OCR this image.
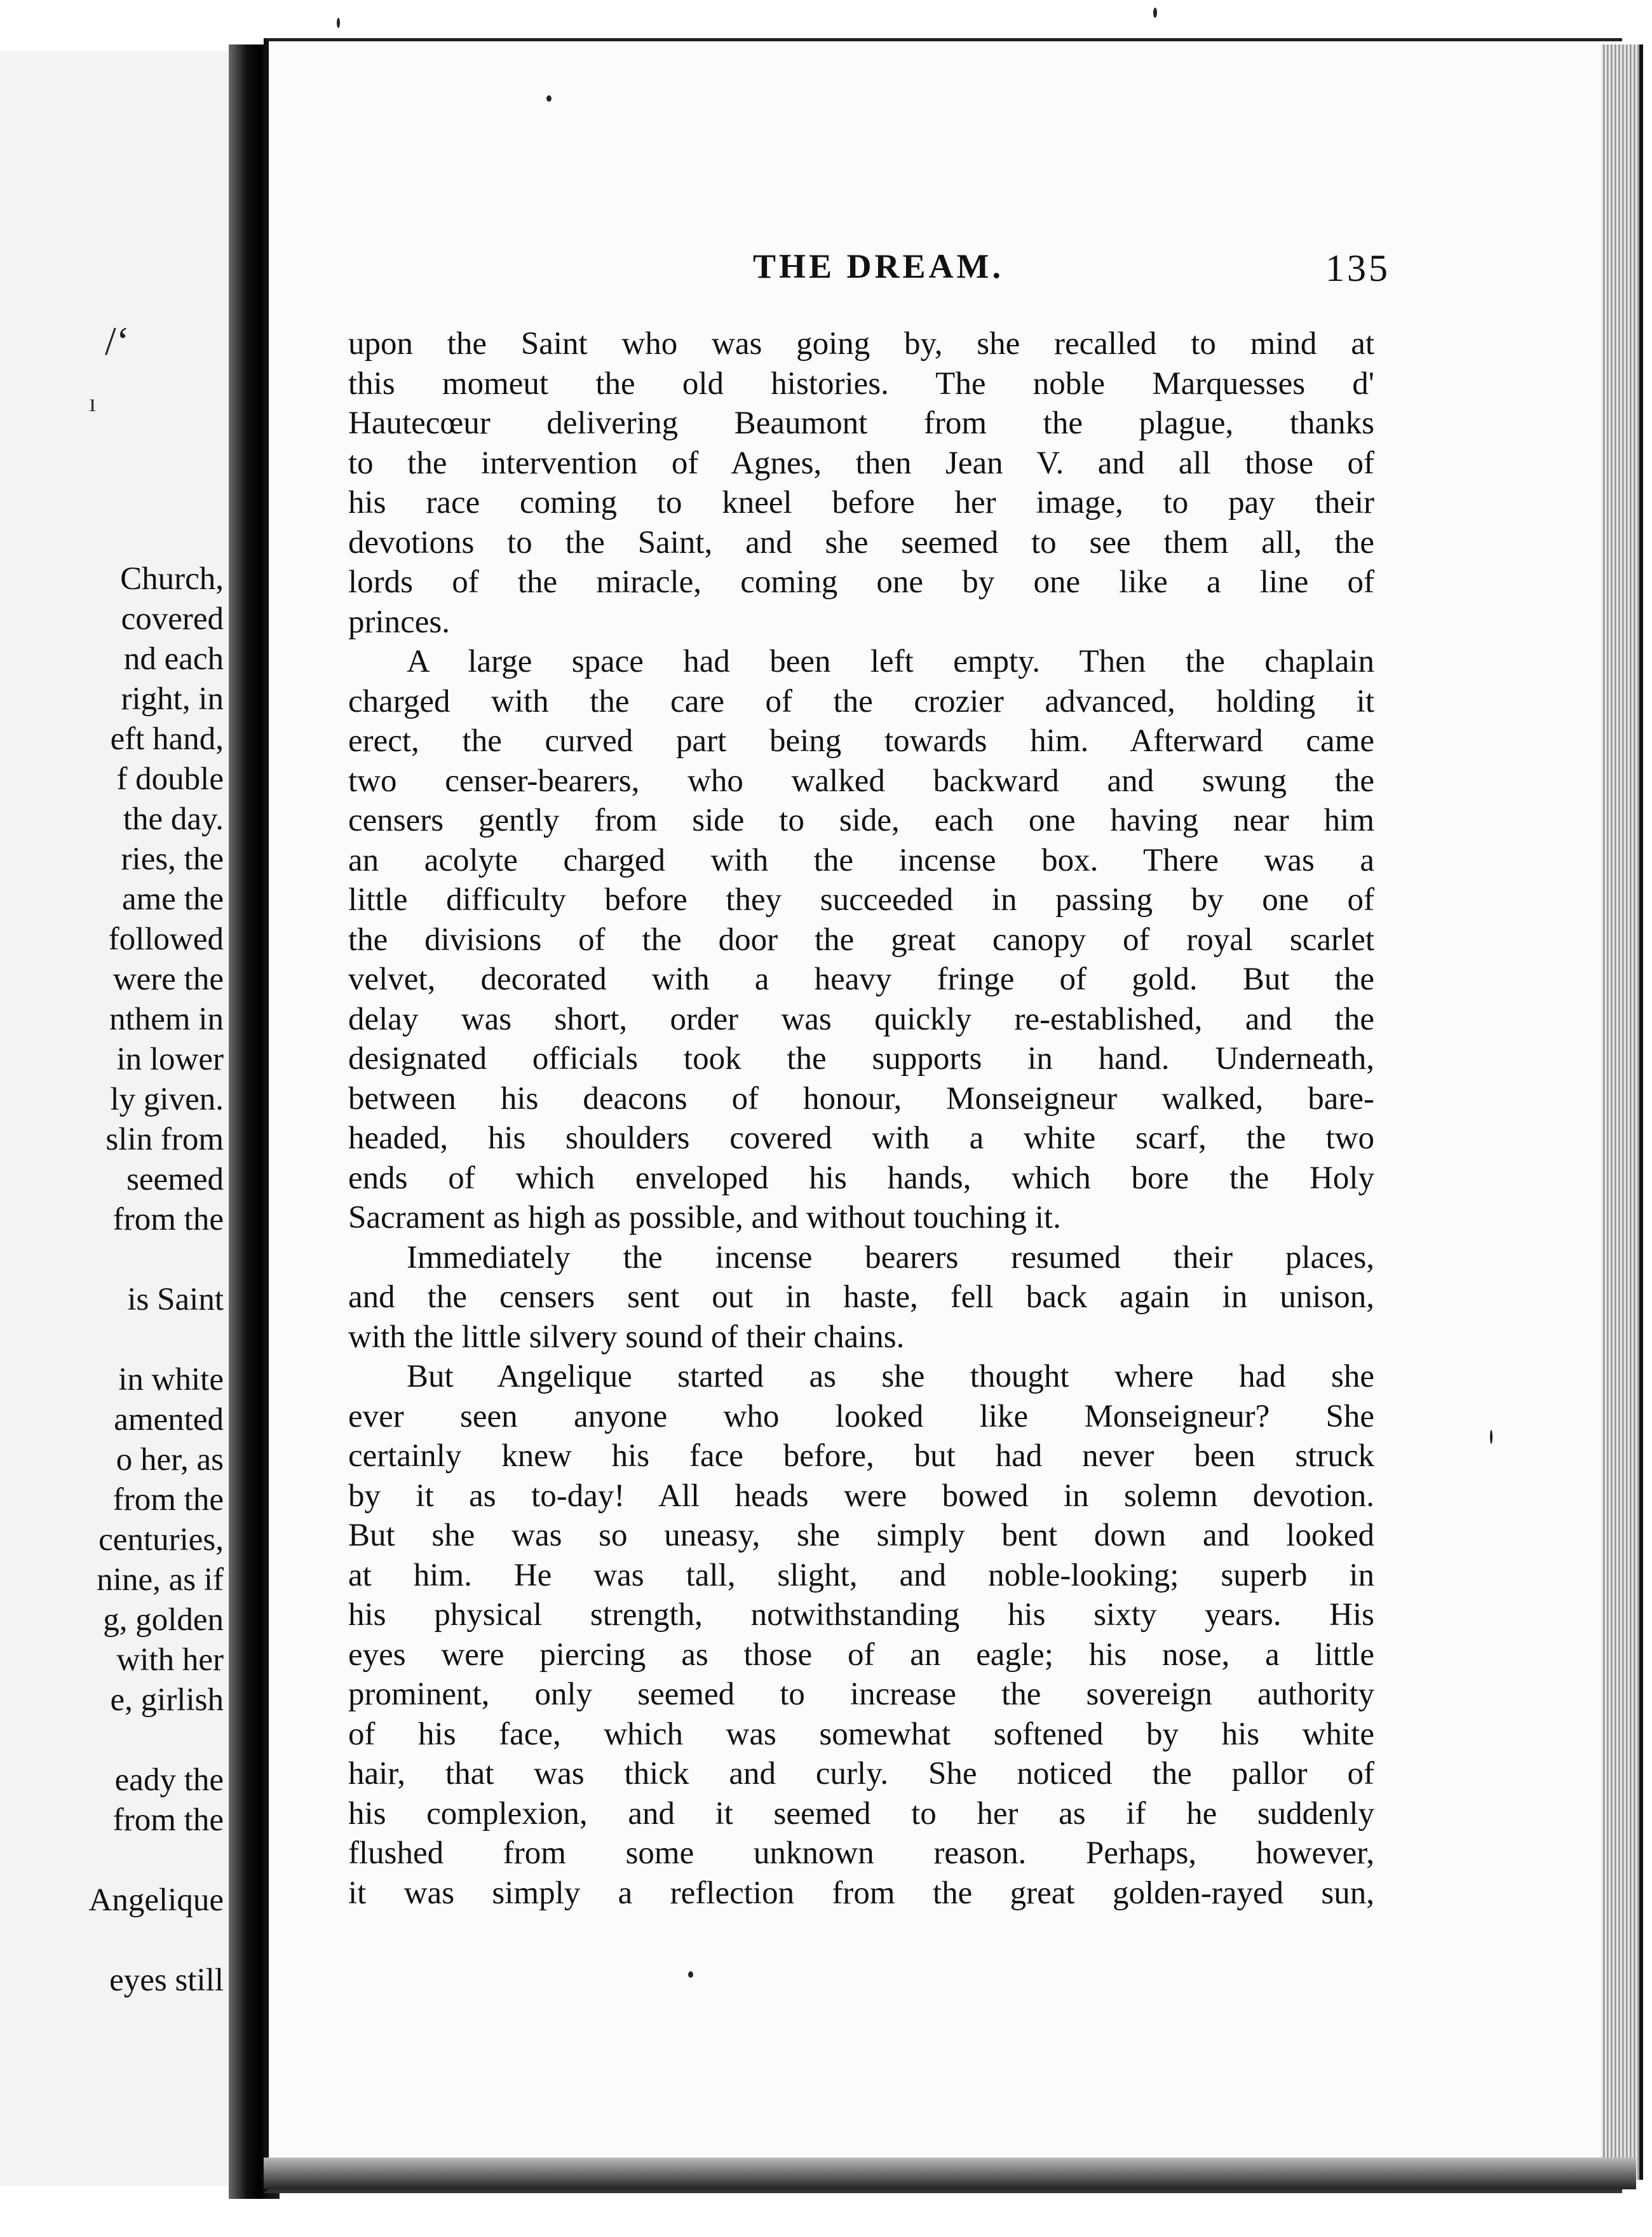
/ʻ
ı
Church,
covered
nd each
right, in
eft hand,
f double
the day.
ries, the
ame the
followed
were the
nthem in
in lower
ly given.
slin from
seemed
from the
is Saint
in white
amented
o her, as
from the
centuries,
nine, as if
g, golden
with her
e, girlish
eady the
from the
Angelique
eyes still
THE DREAM.	135
upon the Saint who was going by, she recalled to mind at
this momeut the old histories. The noble Marquesses d'
Hautecœur delivering Beaumont from the plague, thanks
to the intervention of Agnes, then Jean V. and all those of
his race coming to kneel before her image, to pay their
devotions to the Saint, and she seemed to see them all, the
lords of the miracle, coming one by one like a line of
princes.
A large space had been left empty. Then the chaplain
charged with the care of the crozier advanced, holding it
erect, the curved part being towards him. Afterward came
two censer-bearers, who walked backward and swung the
censers gently from side to side, each one having near him
an acolyte charged with the incense box. There was a
little difficulty before they succeeded in passing by one of
the divisions of the door the great canopy of royal scarlet
velvet, decorated with a heavy fringe of gold. But the
delay was short, order was quickly re-established, and the
designated officials took the supports in hand. Underneath,
between his deacons of honour, Monseigneur walked, bare-
headed, his shoulders covered with a white scarf, the two
ends of which enveloped his hands, which bore the Holy
Sacrament as high as possible, and without touching it.
Immediately the incense bearers resumed their places,
and the censers sent out in haste, fell back again in unison,
with the little silvery sound of their chains.
But Angelique started as she thought where had she
ever seen anyone who looked like Monseigneur? She
certainly knew his face before, but had never been struck
by it as to-day! All heads were bowed in solemn devotion.
But she was so uneasy, she simply bent down and looked
at him. He was tall, slight, and noble-looking; superb in
his physical strength, notwithstanding his sixty years. His
eyes were piercing as those of an eagle; his nose, a little
prominent, only seemed to increase the sovereign authority
of his face, which was somewhat softened by his white
hair, that was thick and curly. She noticed the pallor of
his complexion, and it seemed to her as if he suddenly
flushed from some unknown reason. Perhaps, however,
it was simply a reflection from the great golden-rayed sun,
